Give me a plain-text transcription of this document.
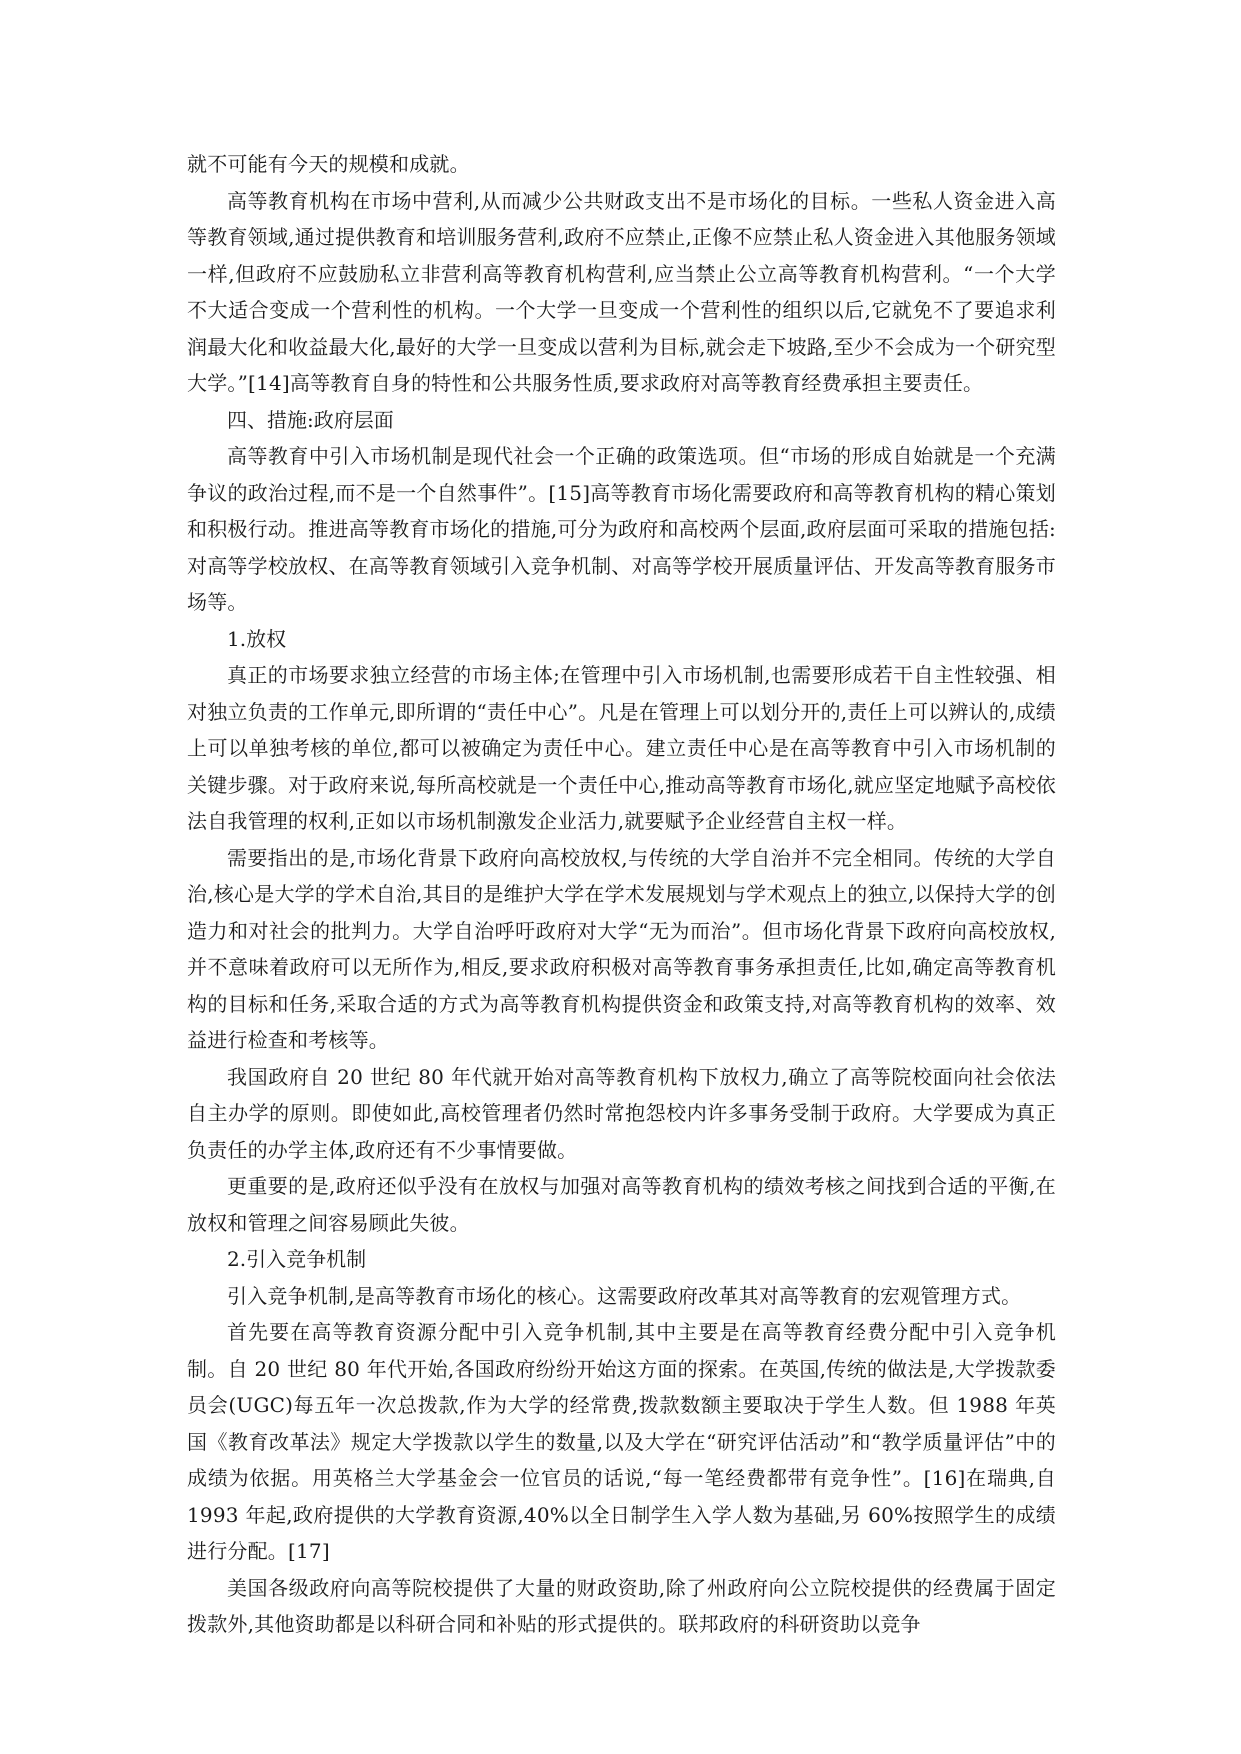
就不可能有今天的规模和成就。

高等教育机构在市场中营利,从而减少公共财政支出不是市场化的目标。一些私人资金进入高等教育领域,通过提供教育和培训服务营利,政府不应禁止,正像不应禁止私人资金进入其他服务领域一样,但政府不应鼓励私立非营利高等教育机构营利,应当禁止公立高等教育机构营利。“一个大学不大适合变成一个营利性的机构。一个大学一旦变成一个营利性的组织以后,它就免不了要追求利润最大化和收益最大化,最好的大学一旦变成以营利为目标,就会走下坡路,至少不会成为一个研究型大学。”[14]高等教育自身的特性和公共服务性质,要求政府对高等教育经费承担主要责任。

四、措施:政府层面

高等教育中引入市场机制是现代社会一个正确的政策选项。但“市场的形成自始就是一个充满争议的政治过程,而不是一个自然事件”。[15]高等教育市场化需要政府和高等教育机构的精心策划和积极行动。推进高等教育市场化的措施,可分为政府和高校两个层面,政府层面可采取的措施包括:对高等学校放权、在高等教育领域引入竞争机制、对高等学校开展质量评估、开发高等教育服务市场等。

1.放权

真正的市场要求独立经营的市场主体;在管理中引入市场机制,也需要形成若干自主性较强、相对独立负责的工作单元,即所谓的“责任中心”。凡是在管理上可以划分开的,责任上可以辨认的,成绩上可以单独考核的单位,都可以被确定为责任中心。建立责任中心是在高等教育中引入市场机制的关键步骤。对于政府来说,每所高校就是一个责任中心,推动高等教育市场化,就应坚定地赋予高校依法自我管理的权利,正如以市场机制激发企业活力,就要赋予企业经营自主权一样。

需要指出的是,市场化背景下政府向高校放权,与传统的大学自治并不完全相同。传统的大学自治,核心是大学的学术自治,其目的是维护大学在学术发展规划与学术观点上的独立,以保持大学的创造力和对社会的批判力。大学自治呼吁政府对大学“无为而治”。但市场化背景下政府向高校放权,并不意味着政府可以无所作为,相反,要求政府积极对高等教育事务承担责任,比如,确定高等教育机构的目标和任务,采取合适的方式为高等教育机构提供资金和政策支持,对高等教育机构的效率、效益进行检查和考核等。

我国政府自 20 世纪 80 年代就开始对高等教育机构下放权力,确立了高等院校面向社会依法自主办学的原则。即使如此,高校管理者仍然时常抱怨校内许多事务受制于政府。大学要成为真正负责任的办学主体,政府还有不少事情要做。

更重要的是,政府还似乎没有在放权与加强对高等教育机构的绩效考核之间找到合适的平衡,在放权和管理之间容易顾此失彼。

2.引入竞争机制

引入竞争机制,是高等教育市场化的核心。这需要政府改革其对高等教育的宏观管理方式。

首先要在高等教育资源分配中引入竞争机制,其中主要是在高等教育经费分配中引入竞争机制。自 20 世纪 80 年代开始,各国政府纷纷开始这方面的探索。在英国,传统的做法是,大学拨款委员会(UGC)每五年一次总拨款,作为大学的经常费,拨款数额主要取决于学生人数。但 1988 年英国《教育改革法》规定大学拨款以学生的数量,以及大学在“研究评估活动”和“教学质量评估”中的成绩为依据。用英格兰大学基金会一位官员的话说,“每一笔经费都带有竞争性”。[16]在瑞典,自 1993 年起,政府提供的大学教育资源,40%以全日制学生入学人数为基础,另 60%按照学生的成绩进行分配。[17]

美国各级政府向高等院校提供了大量的财政资助,除了州政府向公立院校提供的经费属于固定拨款外,其他资助都是以科研合同和补贴的形式提供的。联邦政府的科研资助以竞争
